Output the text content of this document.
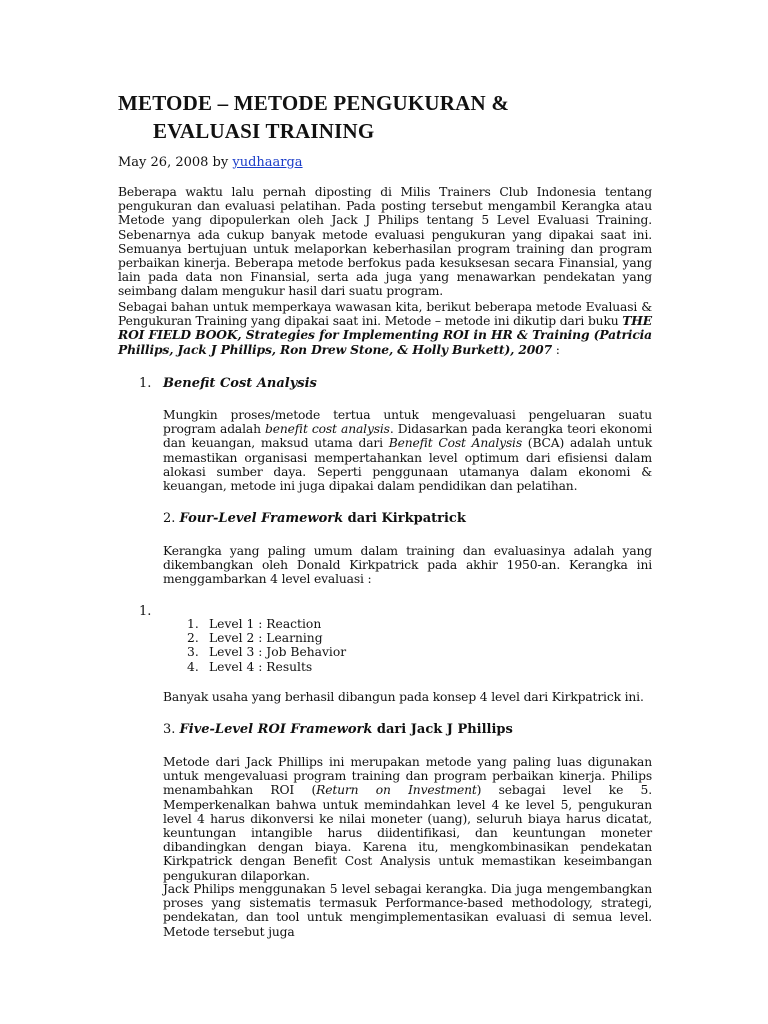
METODE – METODE PENGUKURAN &
EVALUASI TRAINING
May 26, 2008 by yudhaarga

Beberapa waktu lalu pernah diposting di Milis Trainers Club Indonesia tentang pengukuran dan evaluasi pelatihan. Pada posting tersebut mengambil Kerangka atau Metode yang dipopulerkan oleh Jack J Philips tentang 5 Level Evaluasi Training. Sebenarnya ada cukup banyak metode evaluasi pengukuran yang dipakai saat ini. Semuanya bertujuan untuk melaporkan keberhasilan program training dan program perbaikan kinerja. Beberapa metode berfokus pada kesuksesan secara Finansial, yang lain pada data non Finansial, serta ada juga yang menawarkan pendekatan yang seimbang dalam mengukur hasil dari suatu program.

Sebagai bahan untuk memperkaya wawasan kita, berikut beberapa metode Evaluasi & Pengukuran Training yang dipakai saat ini. Metode – metode ini dikutip dari buku THE ROI FIELD BOOK, Strategies for Implementing ROI in HR & Training (Patricia Phillips, Jack J Phillips, Ron Drew Stone, & Holly Burkett), 2007 :

1. Benefit Cost Analysis

Mungkin proses/metode tertua untuk mengevaluasi pengeluaran suatu program adalah benefit cost analysis. Didasarkan pada kerangka teori ekonomi dan keuangan, maksud utama dari Benefit Cost Analysis (BCA) adalah untuk memastikan organisasi mempertahankan level optimum dari efisiensi dalam alokasi sumber daya. Seperti penggunaan utamanya dalam ekonomi & keuangan, metode ini juga dipakai dalam pendidikan dan pelatihan.

2. Four-Level Framework dari Kirkpatrick

Kerangka yang paling umum dalam training dan evaluasinya adalah yang dikembangkan oleh Donald Kirkpatrick pada akhir 1950-an. Kerangka ini menggambarkan 4 level evaluasi :

1.
1. Level 1 : Reaction
2. Level 2 : Learning
3. Level 3 : Job Behavior
4. Level 4 : Results

Banyak usaha yang berhasil dibangun pada konsep 4 level dari Kirkpatrick ini.

3. Five-Level ROI Framework dari Jack J Phillips

Metode dari Jack Phillips ini merupakan metode yang paling luas digunakan untuk mengevaluasi program training dan program perbaikan kinerja. Philips menambahkan ROI (Return on Investment) sebagai level ke 5. Memperkenalkan bahwa untuk memindahkan level 4 ke level 5, pengukuran level 4 harus dikonversi ke nilai moneter (uang), seluruh biaya harus dicatat, keuntungan intangible harus diidentifikasi, dan keuntungan moneter dibandingkan dengan biaya. Karena itu, mengkombinasikan pendekatan Kirkpatrick dengan Benefit Cost Analysis untuk memastikan keseimbangan pengukuran dilaporkan.

Jack Philips menggunakan 5 level sebagai kerangka. Dia juga mengembangkan proses yang sistematis termasuk Performance-based methodology, strategi, pendekatan, dan tool untuk mengimplementasikan evaluasi di semua level. Metode tersebut juga
